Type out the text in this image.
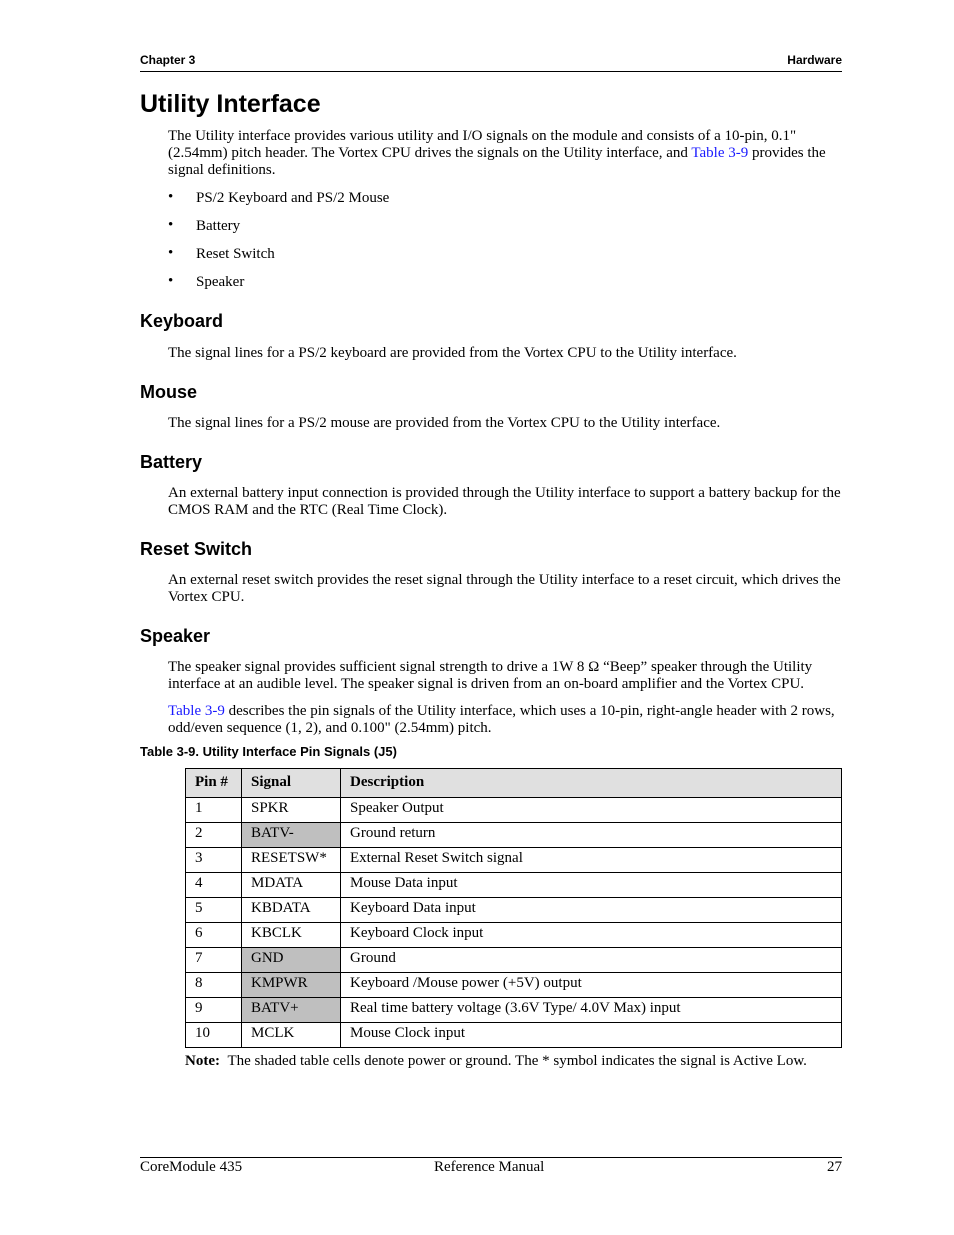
Chapter 3	Hardware
Utility Interface

The Utility interface provides various utility and I/O signals on the module and consists of a 10-pin, 0.1" (2.54mm) pitch header. The Vortex CPU drives the signals on the Utility interface, and Table 3-9 provides the signal definitions.

• PS/2 Keyboard and PS/2 Mouse
• Battery
• Reset Switch
• Speaker
Keyboard

The signal lines for a PS/2 keyboard are provided from the Vortex CPU to the Utility interface.

Mouse

The signal lines for a PS/2 mouse are provided from the Vortex CPU to the Utility interface.

Battery

An external battery input connection is provided through the Utility interface to support a battery backup for the CMOS RAM and the RTC (Real Time Clock).

Reset Switch

An external reset switch provides the reset signal through the Utility interface to a reset circuit, which drives the Vortex CPU.

Speaker

The speaker signal provides sufficient signal strength to drive a 1W 8 Ω “Beep” speaker through the Utility interface at an audible level. The speaker signal is driven from an on-board amplifier and the Vortex CPU.

Table 3-9 describes the pin signals of the Utility interface, which uses a 10-pin, right-angle header with 2 rows, odd/even sequence (1, 2), and 0.100" (2.54mm) pitch.

Table 3-9. Utility Interface Pin Signals (J5)
Pin #	Signal	Description
1	SPKR	Speaker Output
2	BATV-	Ground return
3	RESETSW*	External Reset Switch signal
4	MDATA	Mouse Data input
5	KBDATA	Keyboard Data input
6	KBCLK	Keyboard Clock input
7	GND	Ground
8	KMPWR	Keyboard /Mouse power (+5V) output
9	BATV+	Real time battery voltage (3.6V Type/ 4.0V Max) input
10	MCLK	Mouse Clock input
Note: The shaded table cells denote power or ground. The * symbol indicates the signal is Active Low.
CoreModule 435	Reference Manual	27
